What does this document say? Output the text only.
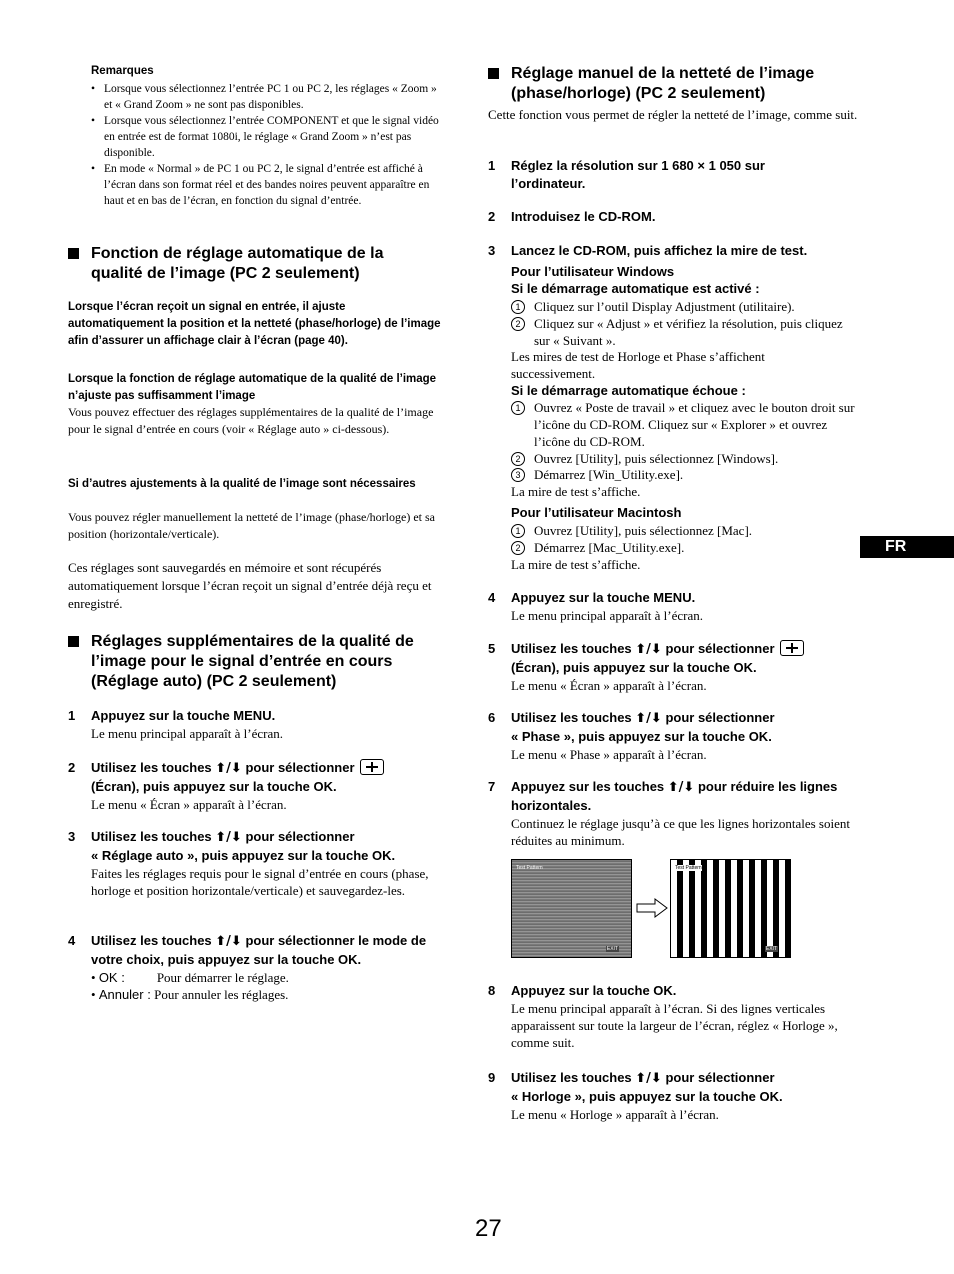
Remarques
• Lorsque vous sélectionnez l’entrée PC 1 ou PC 2, les réglages « Zoom » et « Grand Zoom » ne sont pas disponibles.
• Lorsque vous sélectionnez l’entrée COMPONENT et que le signal vidéo en entrée est de format 1080i, le réglage « Grand Zoom » n’est pas disponible.
• En mode « Normal » de PC 1 ou PC 2, le signal d’entrée est affiché à l’écran dans son format réel et des bandes noires peuvent apparaître en haut et en bas de l’écran, en fonction du signal d’entrée.
Fonction de réglage automatique de la qualité de l’image (PC 2 seulement)
Lorsque l’écran reçoit un signal en entrée, il ajuste automatiquement la position et la netteté (phase/horloge) de l’image afin d’assurer un affichage clair à l’écran (page 40).
Lorsque la fonction de réglage automatique de la qualité de l’image n’ajuste pas suffisamment l’image
Vous pouvez effectuer des réglages supplémentaires de la qualité de l’image pour le signal d’entrée en cours (voir « Réglage auto » ci-dessous).
Si d’autres ajustements à la qualité de l’image sont nécessaires
Vous pouvez régler manuellement la netteté de l’image (phase/horloge) et sa position (horizontale/verticale).
Ces réglages sont sauvegardés en mémoire et sont récupérés automatiquement lorsque l’écran reçoit un signal d’entrée déjà reçu et enregistré.
Réglages supplémentaires de la qualité de l’image pour le signal d’entrée en cours (Réglage auto) (PC 2 seulement)
1 Appuyez sur la touche MENU.
Le menu principal apparaît à l’écran.
2 Utilisez les touches ⬆/⬇ pour sélectionner
(Écran), puis appuyez sur la touche OK.
Le menu « Écran » apparaît à l’écran.
3 Utilisez les touches ⬆/⬇ pour sélectionner
« Réglage auto », puis appuyez sur la touche OK.
Faites les réglages requis pour le signal d’entrée en cours (phase, horloge et position horizontale/verticale) et sauvegardez-les.
4 Utilisez les touches ⬆/⬇ pour sélectionner le mode de votre choix, puis appuyez sur la touche OK.
• OK : Pour démarrer le réglage.
• Annuler : Pour annuler les réglages.
Réglage manuel de la netteté de l’image (phase/horloge) (PC 2 seulement)
Cette fonction vous permet de régler la netteté de l’image, comme suit.
1 Réglez la résolution sur 1 680 × 1 050 sur l’ordinateur.
2 Introduisez le CD-ROM.
3 Lancez le CD-ROM, puis affichez la mire de test.
Pour l’utilisateur Windows
Si le démarrage automatique est activé :
1	Cliquez sur l’outil Display Adjustment (utilitaire).
2	Cliquez sur « Adjust » et vérifiez la résolution, puis cliquez sur « Suivant ».
Les mires de test de Horloge et Phase s’affichent successivement.
Si le démarrage automatique échoue :
1	Ouvrez « Poste de travail » et cliquez avec le bouton droit sur l’icône du CD-ROM. Cliquez sur « Explorer » et ouvrez l’icône du CD-ROM.
2	Ouvrez [Utility], puis sélectionnez [Windows].
3	Démarrez [Win_Utility.exe].
La mire de test s’affiche.
Pour l’utilisateur Macintosh
1	Ouvrez [Utility], puis sélectionnez [Mac].
2	Démarrez [Mac_Utility.exe].
La mire de test s’affiche.
4 Appuyez sur la touche MENU.
Le menu principal apparaît à l’écran.
5 Utilisez les touches ⬆/⬇ pour sélectionner
(Écran), puis appuyez sur la touche OK.
Le menu « Écran » apparaît à l’écran.
6 Utilisez les touches ⬆/⬇ pour sélectionner
« Phase », puis appuyez sur la touche OK.
Le menu « Phase » apparaît à l’écran.
7 Appuyez sur les touches ⬆/⬇ pour réduire les lignes horizontales.
Continuez le réglage jusqu’à ce que les lignes horizontales soient réduites au minimum.
Test Pattern
EXIT
Test Pattern
EXIT
8 Appuyez sur la touche OK.
Le menu principal apparaît à l’écran. Si des lignes verticales apparaissent sur toute la largeur de l’écran, réglez « Horloge », comme suit.
9 Utilisez les touches ⬆/⬇ pour sélectionner
« Horloge », puis appuyez sur la touche OK.
Le menu « Horloge » apparaît à l’écran.
FR
27
